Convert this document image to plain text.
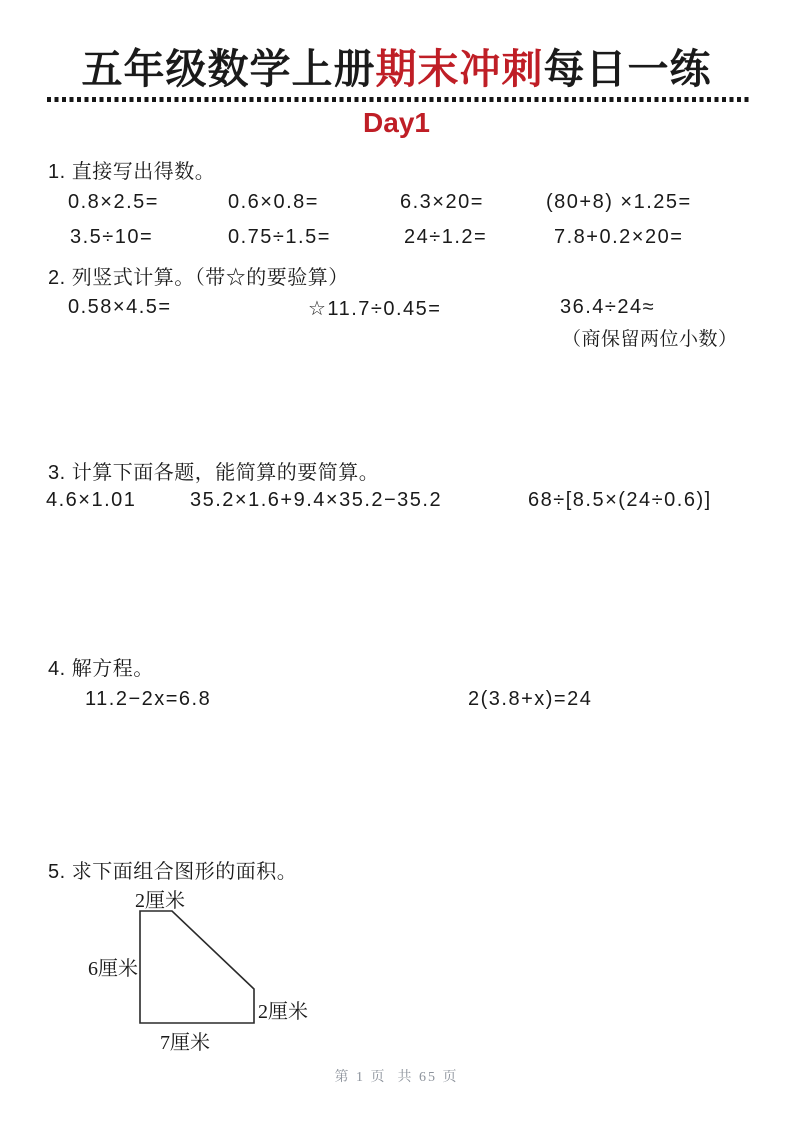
五年级数学上册期末冲刺每日一练
Day1
1. 直接写出得数。
0.8×2.5=	0.6×0.8=	6.3×20=	(80+8) ×1.25=
3.5÷10=	0.75÷1.5=	24÷1.2=	7.8+0.2×20=
2. 列竖式计算。（带☆的要验算）
0.58×4.5=	☆11.7÷0.45=	36.4÷24≈
（商保留两位小数）
3. 计算下面各题，能简算的要简算。
4.6×1.01	35.2×1.6+9.4×35.2−35.2	68÷[8.5×(24÷0.6)]
4. 解方程。
11.2−2x=6.8	2(3.8+x)=24
5. 求下面组合图形的面积。
2厘米
6厘米
2厘米
7厘米
第 1 页  共 65 页
